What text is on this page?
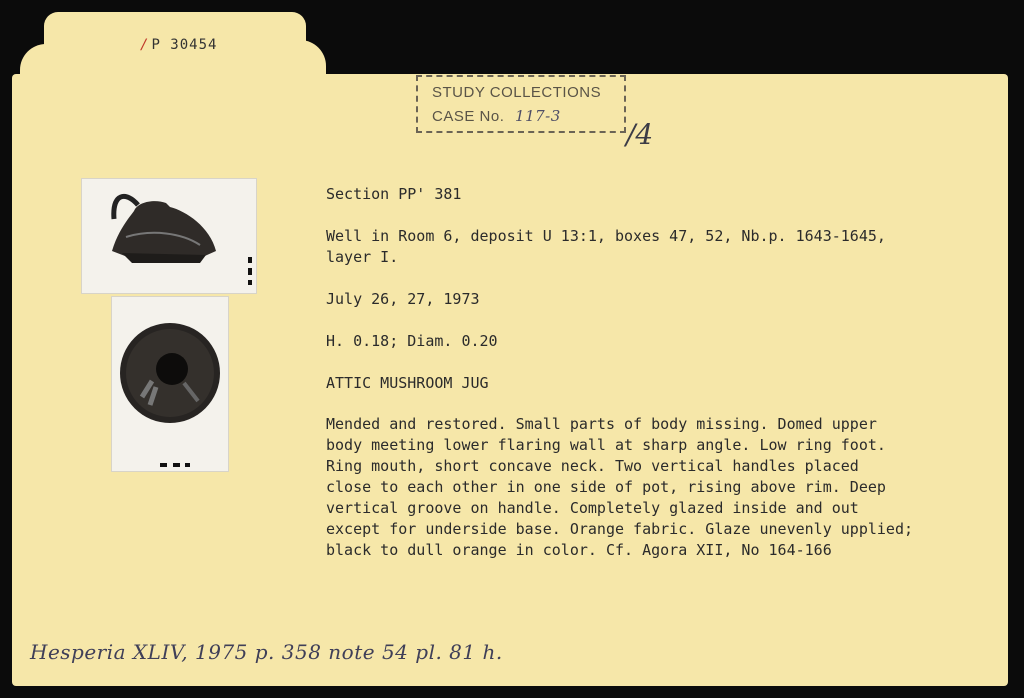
/ P 30454
STUDY COLLECTIONS
CASE No. 117-3
/4
Section PP' 381
Well in Room 6, deposit U 13:1, boxes 47, 52, Nb.p. 1643-1645,
layer I.
July 26, 27, 1973
H. 0.18; Diam. 0.20
ATTIC MUSHROOM JUG
Mended and restored. Small parts of body missing. Domed upper
body meeting lower flaring wall at sharp angle. Low ring foot.
Ring mouth, short concave neck. Two vertical handles placed
close to each other in one side of pot, rising above rim. Deep
vertical groove on handle. Completely glazed inside and out
except for underside base. Orange fabric. Glaze unevenly upplied;
black to dull orange in color. Cf. Agora XII, No 164-166
Hesperia XLIV, 1975 p. 358 note 54 pl. 81 h.
